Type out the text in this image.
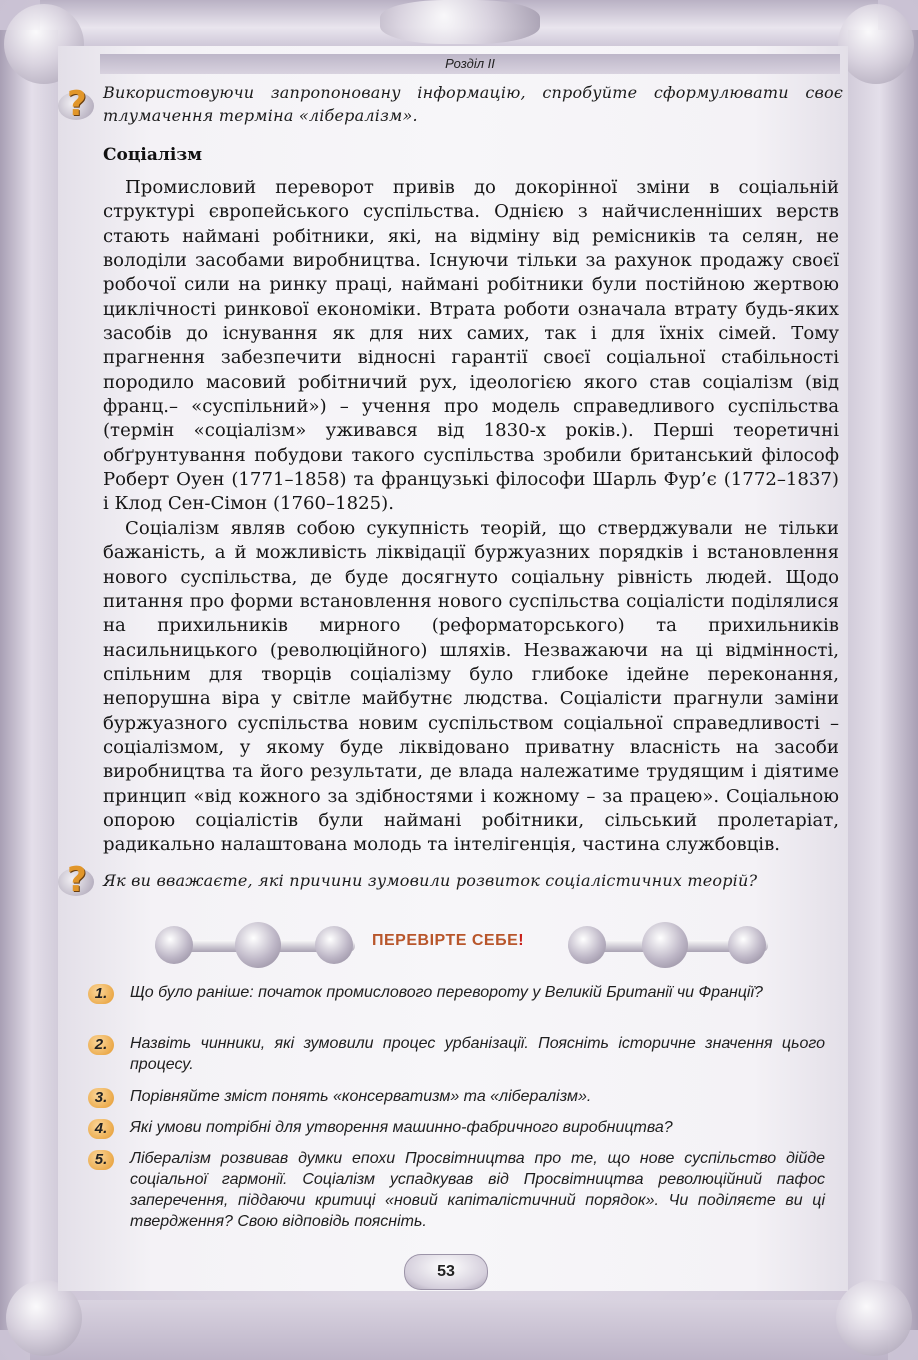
Розділ ІІ
? Використовуючи запропоновану інформацію, спробуйте сформулювати своє тлумачення терміна «лібералізм».
Соціалізм

Промисловий переворот привів до докорінної зміни в соціальній структурі європейського суспільства. Однією з найчисленніших верств стають наймані робітники, які, на відміну від ремісників та селян, не володіли засобами виробництва. Існуючи тільки за рахунок продажу своєї робочої сили на ринку праці, наймані робітники були постійною жертвою циклічності ринкової економіки. Втрата роботи означала втрату будь-яких засобів до існування як для них самих, так і для їхніх сімей. Тому прагнення забезпечити відносні гарантії своєї соціальної стабільності породило масовий робітничий рух, ідеологією якого став соціалізм (від франц.– «суспільний») – учення про модель справедливого суспільства (термін «соціалізм» уживався від 1830-х років.). Перші теоретичні обґрунтування побудови такого суспільства зробили британський філософ Роберт Оуен (1771–1858) та французькі філософи Шарль Фур’є (1772–1837) і Клод Сен-Сімон (1760–1825).

Соціалізм являв собою сукупність теорій, що стверджували не тільки бажаність, а й можливість ліквідації буржуазних порядків і встановлення нового суспільства, де буде досягнуто соціальну рівність людей. Щодо питання про форми встановлення нового суспільства соціалісти поділялися на прихильників мирного (реформаторського) та прихильників насильницького (революційного) шляхів. Незважаючи на ці відмінності, спільним для творців соціалізму було глибоке ідейне переконання, непорушна віра у світле майбутнє людства. Соціалісти прагнули заміни буржуазного суспільства новим суспільством соціальної справедливості – соціалізмом, у якому буде ліквідовано приватну власність на засоби виробництва та його результати, де влада належатиме трудящим і діятиме принцип «від кожного за здібностями і кожному – за працею». Соціальною опорою соціалістів були наймані робітники, сільський пролетаріат, радикально налаштована молодь та інтелігенція, частина службовців.

? Як ви вважаєте, які причини зумовили розвиток соціалістичних теорій?
ПЕРЕВІРТЕ СЕБЕ!
1.	Що було раніше: початок промислового перевороту у Великій Британії чи Франції?
2.	Назвіть чинники, які зумовили процес урбанізації. Поясніть історичне значення цього процесу.
3.	Порівняйте зміст понять «консерватизм» та «лібералізм».
4.	Які умови потрібні для утворення машинно-фабричного виробництва?
5.	Лібералізм розвивав думки епохи Просвітництва про те, що нове суспільство дійде соціальної гармонії. Соціалізм успадкував від Просвітництва революційний пафос заперечення, піддаючи критиці «новий капіталістичний порядок». Чи поділяєте ви ці твердження? Свою відповідь поясніть.
53
